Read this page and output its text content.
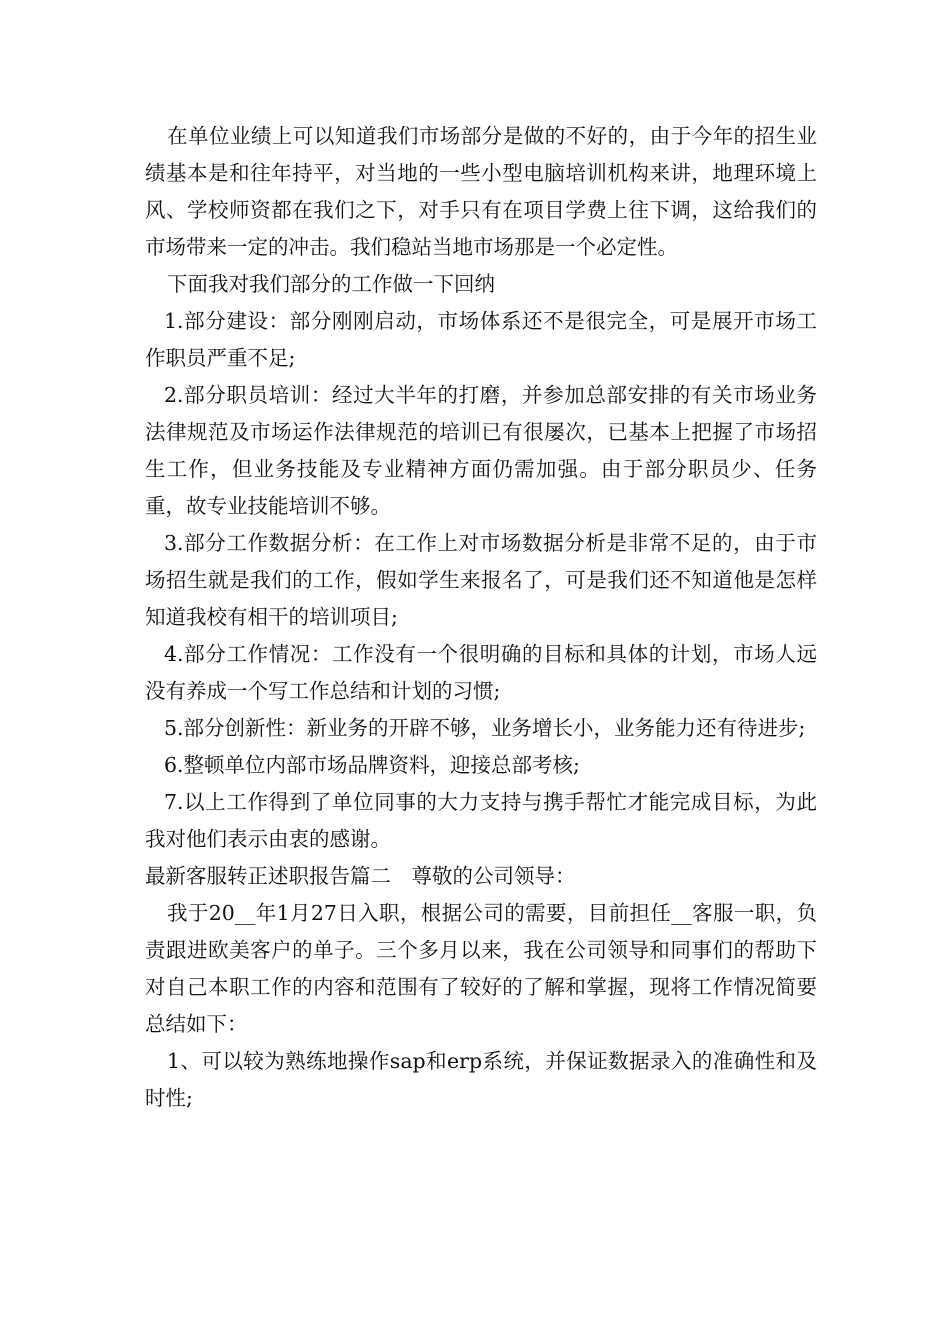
在单位业绩上可以知道我们市场部分是做的不好的，由于今年的招生业绩基本是和往年持平，对当地的一些小型电脑培训机构来讲，地理环境上风、学校师资都在我们之下，对手只有在项目学费上往下调，这给我们的市场带来一定的冲击。我们稳站当地市场那是一个必定性。

下面我对我们部分的工作做一下回纳

1.部分建设：部分刚刚启动，市场体系还不是很完全，可是展开市场工作职员严重不足;

2.部分职员培训：经过大半年的打磨，并参加总部安排的有关市场业务法律规范及市场运作法律规范的培训已有很屡次，已基本上把握了市场招生工作，但业务技能及专业精神方面仍需加强。由于部分职员少、任务重，故专业技能培训不够。

3.部分工作数据分析：在工作上对市场数据分析是非常不足的，由于市场招生就是我们的工作，假如学生来报名了，可是我们还不知道他是怎样知道我校有相干的培训项目;

4.部分工作情况：工作没有一个很明确的目标和具体的计划，市场人远没有养成一个写工作总结和计划的习惯;

5.部分创新性：新业务的开辟不够，业务增长小，业务能力还有待进步;

6.整顿单位内部市场品牌资料，迎接总部考核;

7.以上工作得到了单位同事的大力支持与携手帮忙才能完成目标，为此我对他们表示由衷的感谢。

最新客服转正述职报告篇二　尊敬的公司领导：

我于20__年1月27日入职，根据公司的需要，目前担任__客服一职，负责跟进欧美客户的单子。三个多月以来，我在公司领导和同事们的帮助下对自己本职工作的内容和范围有了较好的了解和掌握，现将工作情况简要总结如下：

1、可以较为熟练地操作sap和erp系统，并保证数据录入的准确性和及时性;
